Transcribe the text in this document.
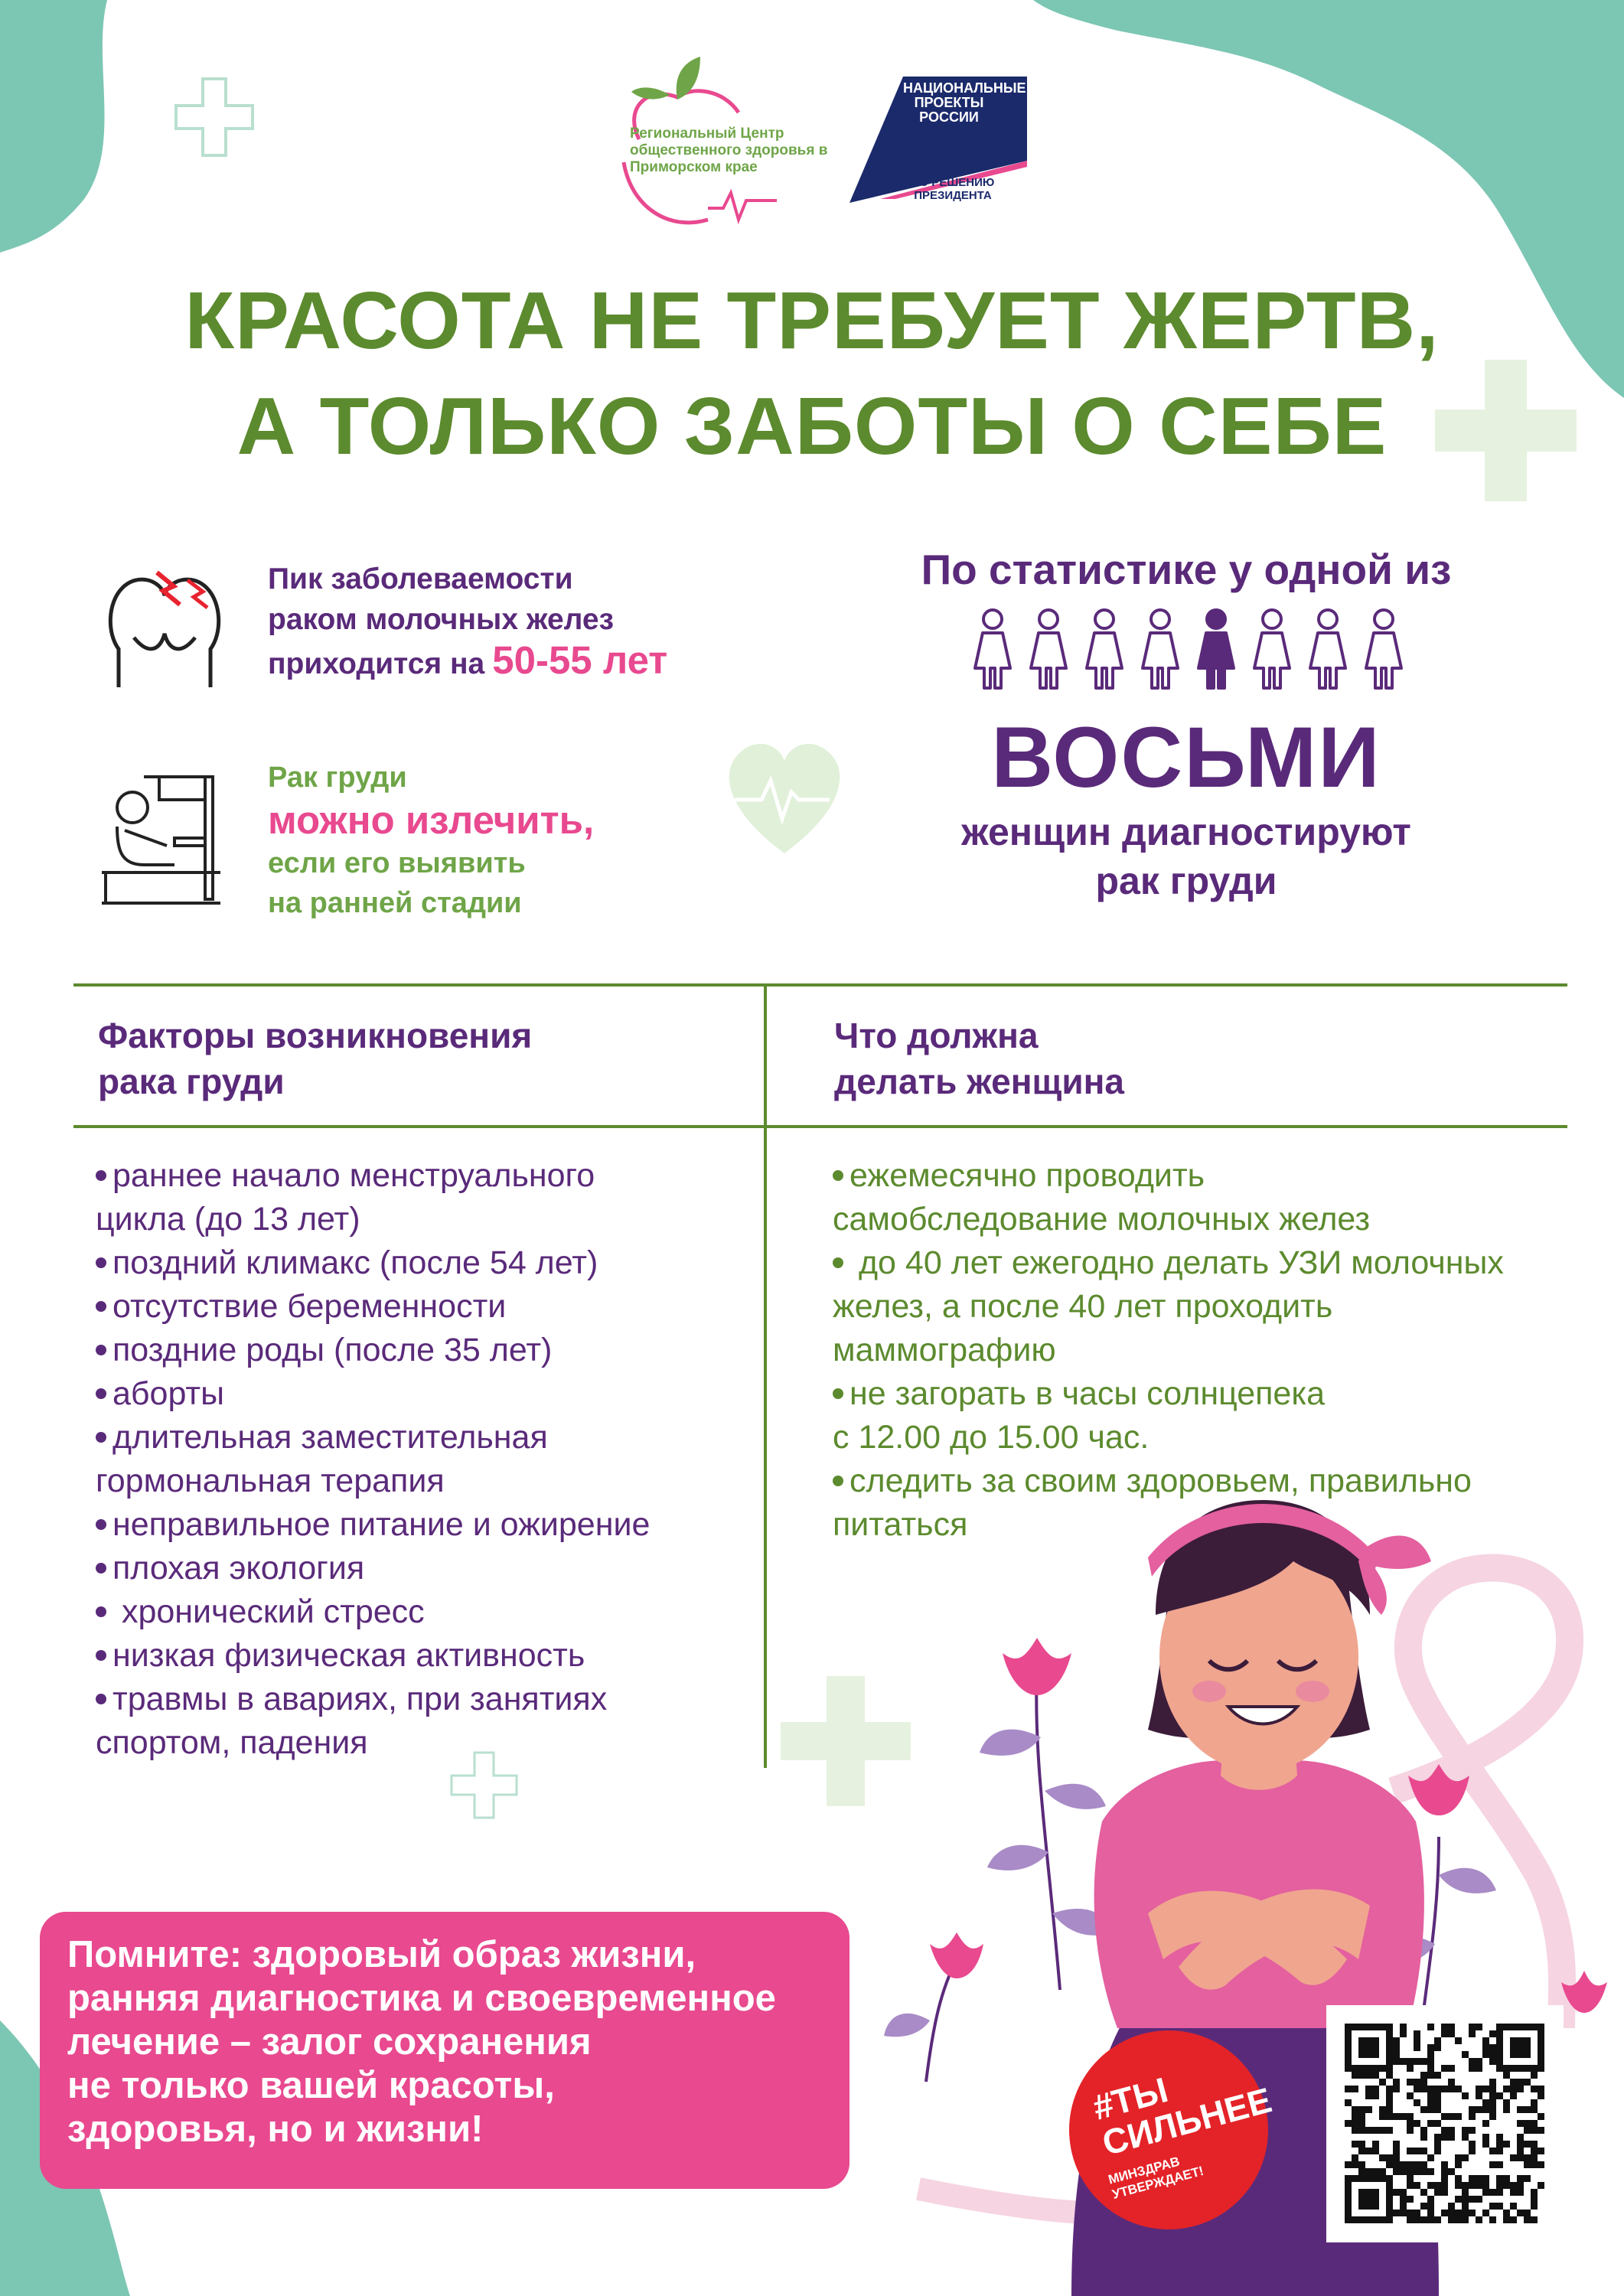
Региональный Центр общественного здоровья в Приморском крае
НАЦИОНАЛЬНЫЕ ПРОЕКТЫ РОССИИ
ПО РЕШЕНИЮ ПРЕЗИДЕНТА
КРАСОТА НЕ ТРЕБУЕТ ЖЕРТВ,
А ТОЛЬКО ЗАБОТЫ О СЕБЕ
Пик заболеваемости
раком молочных желез
приходится на 50-55 лет
Рак груди
можно излечить,
если его выявить
на ранней стадии
По статистике у одной из
ВОСЬМИ
женщин диагностируют
рак груди
Факторы возникновения
рака груди
Что должна
делать женщина
раннее начало менструального
цикла (до 13 лет)
поздний климакс (после 54 лет)
отсутствие беременности
поздние роды (после 35 лет)
аборты
длительная заместительная
гормональная терапия
неправильное питание и ожирение
плохая экология
хронический стресс
низкая физическая активность
травмы в авариях, при занятиях
спортом, падения
ежемесячно проводить
самобследование молочных желез
до 40 лет ежегодно делать УЗИ молочных
желез, а после 40 лет проходить
маммографию
не загорать в часы солнцепека
с 12.00 до 15.00 час.
следить за своим здоровьем, правильно
питаться
Помните: здоровый образ жизни,
ранняя диагностика и своевременное
лечение – залог сохранения
не только вашей красоты,
здоровья, но и жизни!
#ТЫ СИЛЬНЕЕ
МИНЗДРАВ УТВЕРЖДАЕТ!
